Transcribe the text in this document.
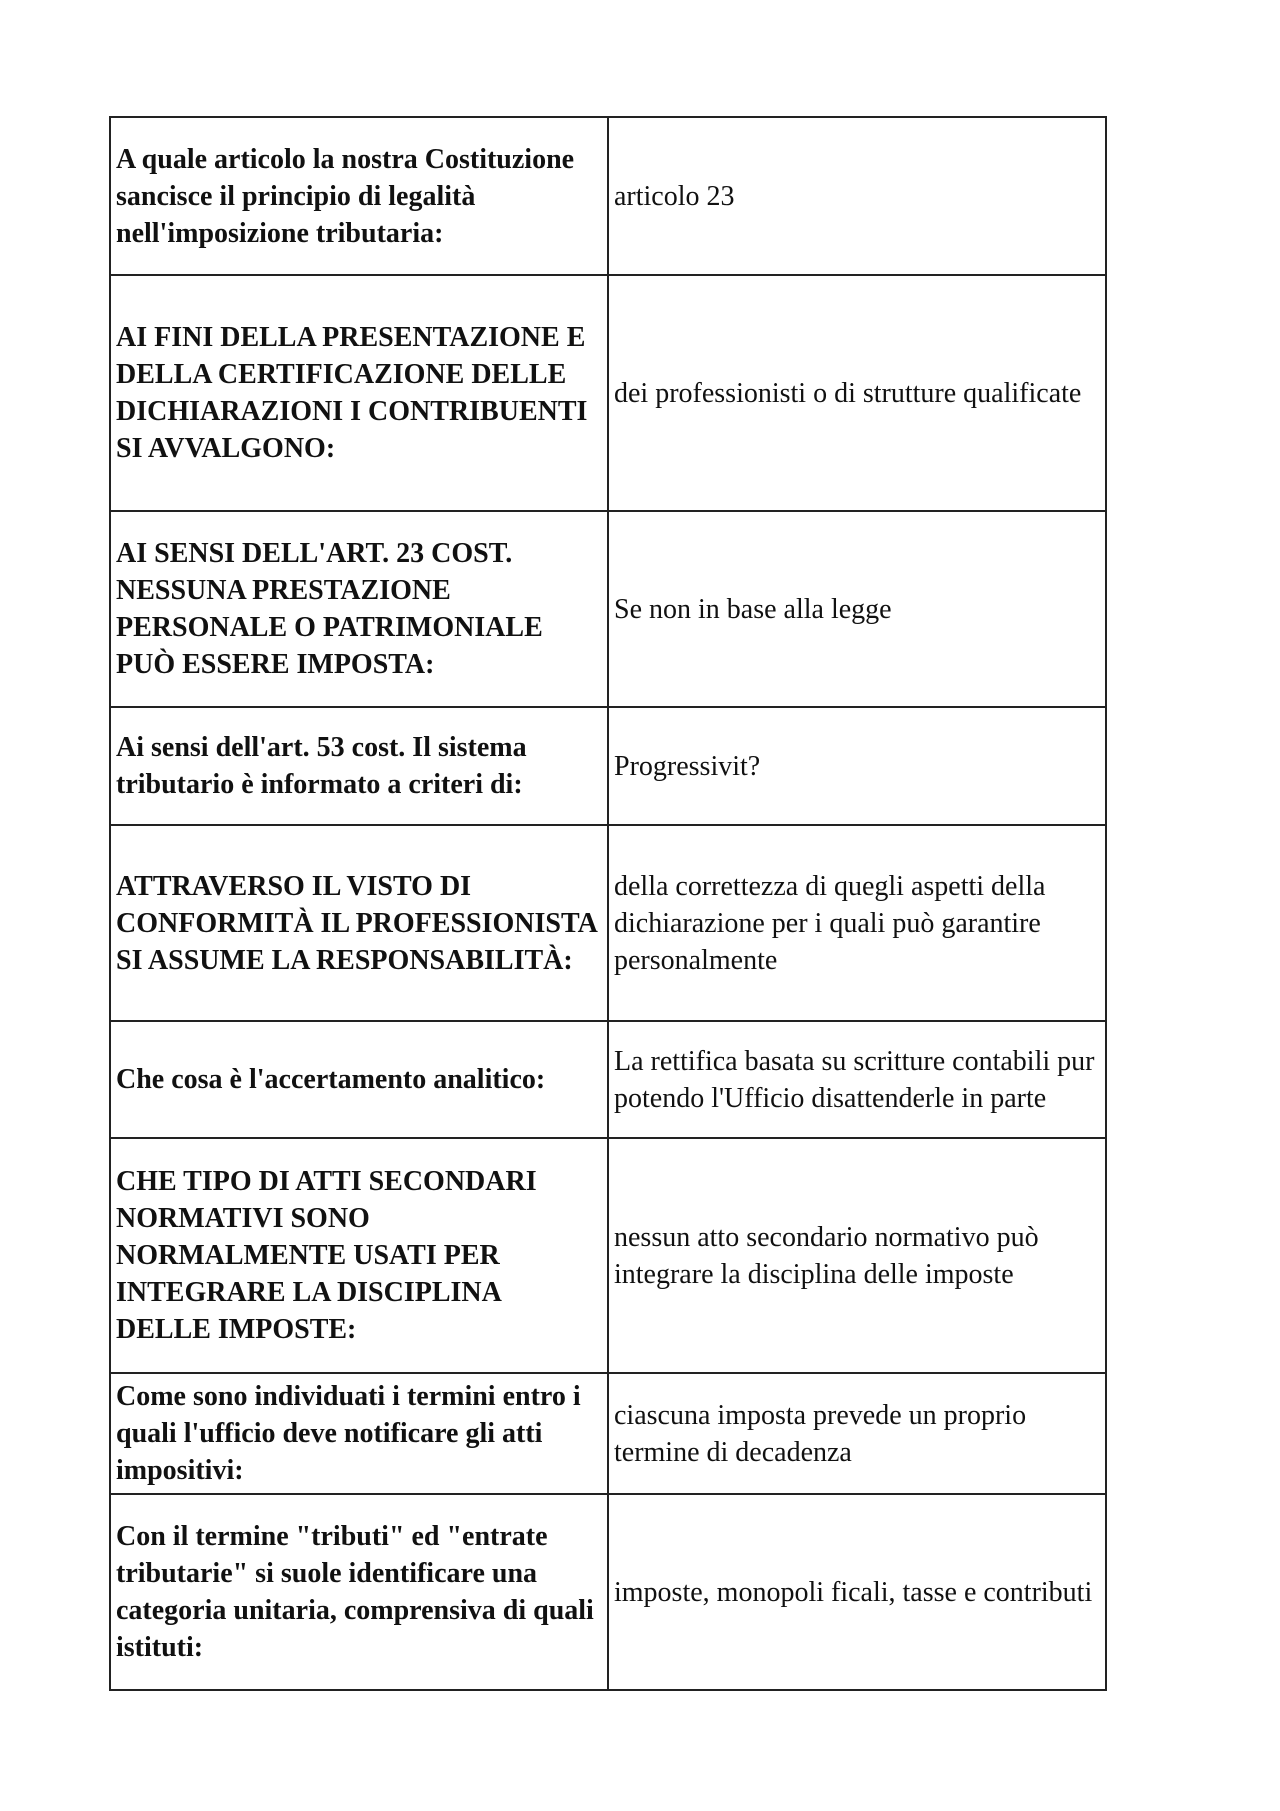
A quale articolo la nostra Costituzione sancisce il principio di legalità nell'imposizione tributaria:	articolo 23
AI FINI DELLA PRESENTAZIONE E DELLA CERTIFICAZIONE DELLE DICHIARAZIONI I CONTRIBUENTI SI AVVALGONO:	dei professionisti o di strutture qualificate
AI SENSI DELL'ART. 23 COST. NESSUNA PRESTAZIONE PERSONALE O PATRIMONIALE PUÒ ESSERE IMPOSTA:	Se non in base alla legge
Ai sensi dell'art. 53 cost. Il sistema tributario è informato a criteri di:	Progressivit?
ATTRAVERSO IL VISTO DI CONFORMITÀ IL PROFESSIONISTA SI ASSUME LA RESPONSABILITÀ:	della correttezza di quegli aspetti della dichiarazione per i quali può garantire personalmente
Che cosa è l'accertamento analitico:	La rettifica basata su scritture contabili pur potendo l'Ufficio disattenderle in parte
CHE TIPO DI ATTI SECONDARI NORMATIVI SONO NORMALMENTE USATI PER INTEGRARE LA DISCIPLINA DELLE IMPOSTE:	nessun atto secondario normativo può integrare la disciplina delle imposte
Come sono individuati i termini entro i quali l'ufficio deve notificare gli atti impositivi:	ciascuna imposta prevede un proprio termine di decadenza
Con il termine "tributi" ed "entrate tributarie" si suole identificare una categoria unitaria, comprensiva di quali istituti:	imposte, monopoli ficali, tasse e contributi
